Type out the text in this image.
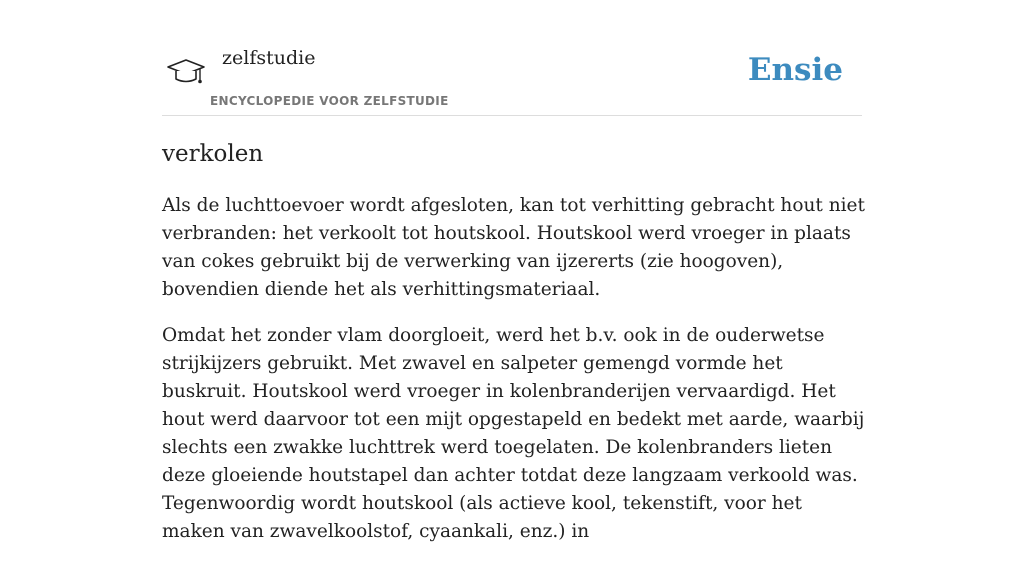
zelfstudie
ENCYCLOPEDIE VOOR ZELFSTUDIE
Ensie
verkolen

Als de luchttoevoer wordt afgesloten, kan tot verhitting gebracht hout niet verbranden: het verkoolt tot houtskool. Houtskool werd vroeger in plaats van cokes gebruikt bij de verwerking van ijzererts (zie hoogoven), bovendien diende het als verhittingsmateriaal.

Omdat het zonder vlam doorgloeit, werd het b.v. ook in de ouderwetse strijkijzers gebruikt. Met zwavel en salpeter gemengd vormde het buskruit. Houtskool werd vroeger in kolenbranderijen vervaardigd. Het hout werd daarvoor tot een mijt opgestapeld en bedekt met aarde, waarbij slechts een zwakke luchttrek werd toegelaten. De kolenbranders lieten deze gloeiende houtstapel dan achter totdat deze langzaam verkoold was. Tegenwoordig wordt houtskool (als actieve kool, tekenstift, voor het maken van zwavelkoolstof, cyaankali, enz.) in
